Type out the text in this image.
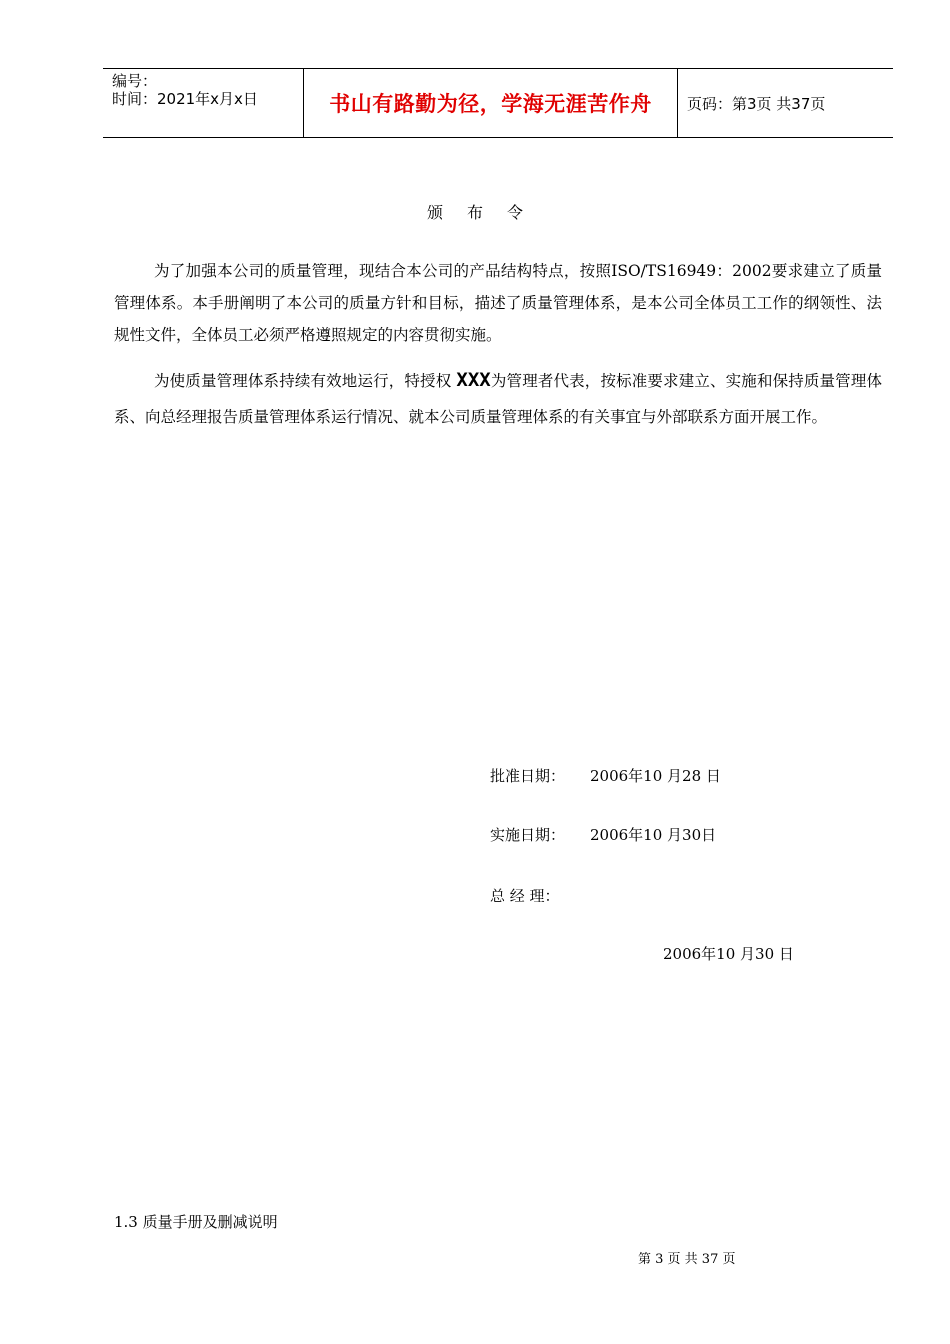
编号：
时间：2021年x月x日	书山有路勤为径，学海无涯苦作舟	页码：第3页 共37页
颁布令

为了加强本公司的质量管理，现结合本公司的产品结构特点，按照ISO/TS16949：2002要求建立了质量管理体系。本手册阐明了本公司的质量方针和目标，描述了质量管理体系，是本公司全体员工工作的纲领性、法规性文件，全体员工必须严格遵照规定的内容贯彻实施。

为使质量管理体系持续有效地运行，特授权 XXX为管理者代表，按标准要求建立、实施和保持质量管理体系、向总经理报告质量管理体系运行情况、就本公司质量管理体系的有关事宜与外部联系方面开展工作。

批准日期： 2006年10 月28 日
实施日期： 2006年10 月30日
总 经 理：
2006年10 月30 日
1.3 质量手册及删减说明
第 3 页 共 37 页
